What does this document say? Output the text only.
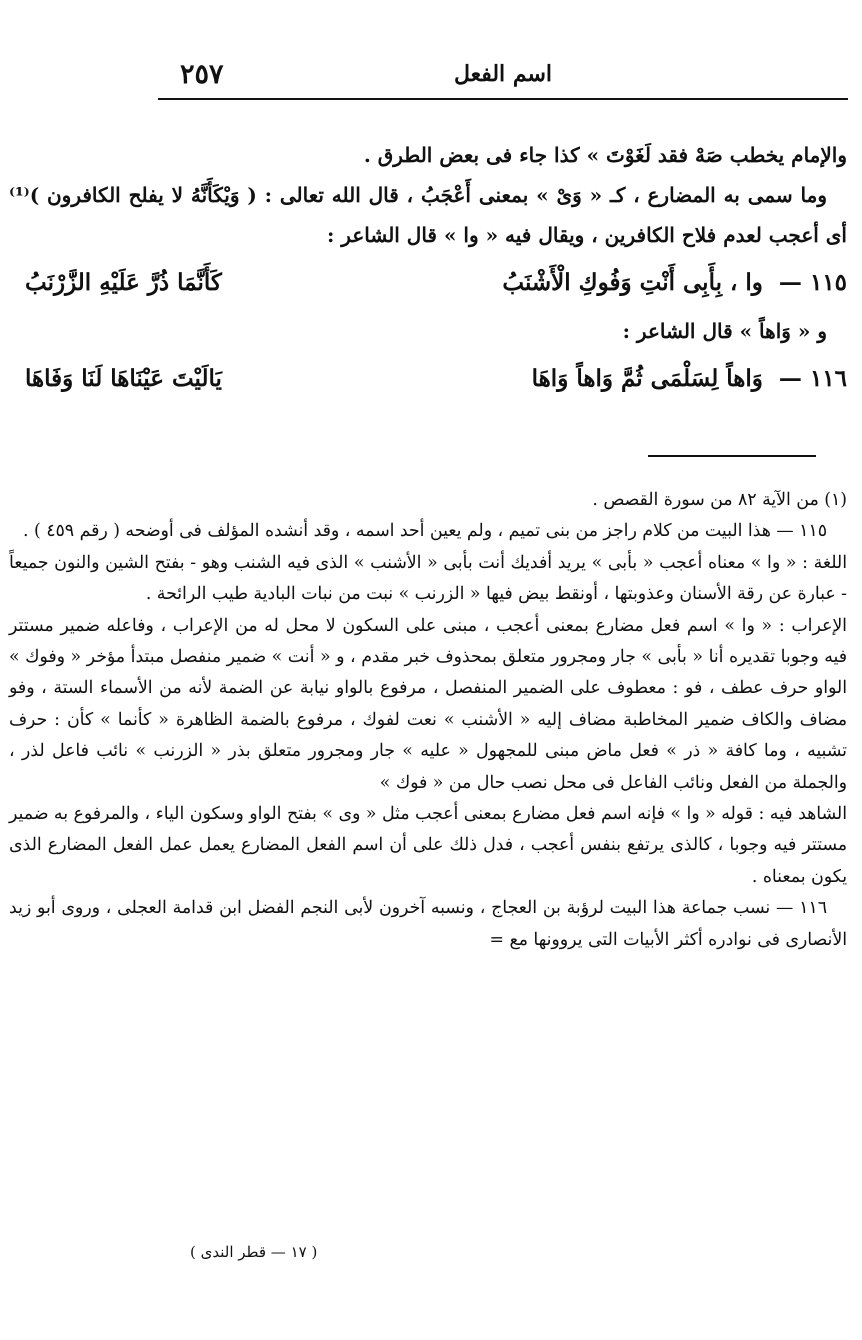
٢٥٧	اسم الفعل

والإمام يخطب صَهْ فقد لَغَوْتَ » كذا جاء فى بعض الطرق .

وما سمى به المضارع ، كـ « وَىْ » بمعنى أَعْجَبُ ، قال الله تعالى : ( وَيْكَأَنَّهُ لا يفلح الكافرون )⁽¹⁾ أى أعجب لعدم فلاح الكافرين ، ويقال فيه « وا » قال الشاعر :

١١٥ — وا ، بِأَبِى أَنْتِ وَفُوكِ الْأَشْنَبُ
كَأَنَّمَا ذُرَّ عَلَيْهِ الزَّرْنَبُ

و « وَاهاً » قال الشاعر :

١١٦ — وَاهاً لِسَلْمَى ثُمَّ وَاهاً وَاهَا
يَالَيْتَ عَيْنَاهَا لَنَا وَفَاهَا

(١) من الآية ٨٢ من سورة القصص .

١١٥ — هذا البيت من كلام راجز من بنى تميم ، ولم يعين أحد اسمه ، وقد أنشده المؤلف فى أوضحه ( رقم ٤٥٩ ) .

اللغة : « وا » معناه أعجب « بأبى » يريد أفديك أنت بأبى « الأشنب » الذى فيه الشنب وهو - بفتح الشين والنون جميعاً - عبارة عن رقة الأسنان وعذوبتها ، أونقط بيض فيها « الزرنب » نبت من نبات البادية طيب الرائحة .

الإعراب : « وا » اسم فعل مضارع بمعنى أعجب ، مبنى على السكون لا محل له من الإعراب ، وفاعله ضمير مستتر فيه وجوبا تقديره أنا « بأبى » جار ومجرور متعلق بمحذوف خبر مقدم ، و « أنت » ضمير منفصل مبتدأ مؤخر « وفوك » الواو حرف عطف ، فو : معطوف على الضمير المنفصل ، مرفوع بالواو نيابة عن الضمة لأنه من الأسماء الستة ، وفو مضاف والكاف ضمير المخاطبة مضاف إليه « الأشنب » نعت لفوك ، مرفوع بالضمة الظاهرة « كأنما » كأن : حرف تشبيه ، وما كافة « ذر » فعل ماض مبنى للمجهول « عليه » جار ومجرور متعلق بذر « الزرنب » نائب فاعل لذر ، والجملة من الفعل ونائب الفاعل فى محل نصب حال من « فوك »

الشاهد فيه : قوله « وا » فإنه اسم فعل مضارع بمعنى أعجب مثل « وى » بفتح الواو وسكون الياء ، والمرفوع به ضمير مستتر فيه وجوبا ، كالذى يرتفع بنفس أعجب ، فدل ذلك على أن اسم الفعل المضارع يعمل عمل الفعل المضارع الذى يكون بمعناه .

١١٦ — نسب جماعة هذا البيت لرؤبة بن العجاج ، ونسبه آخرون لأبى النجم الفضل ابن قدامة العجلى ، وروى أبو زيد الأنصارى فى نوادره أكثر الأبيات التى يروونها مع =

( ١٧ — قطر الندى )
